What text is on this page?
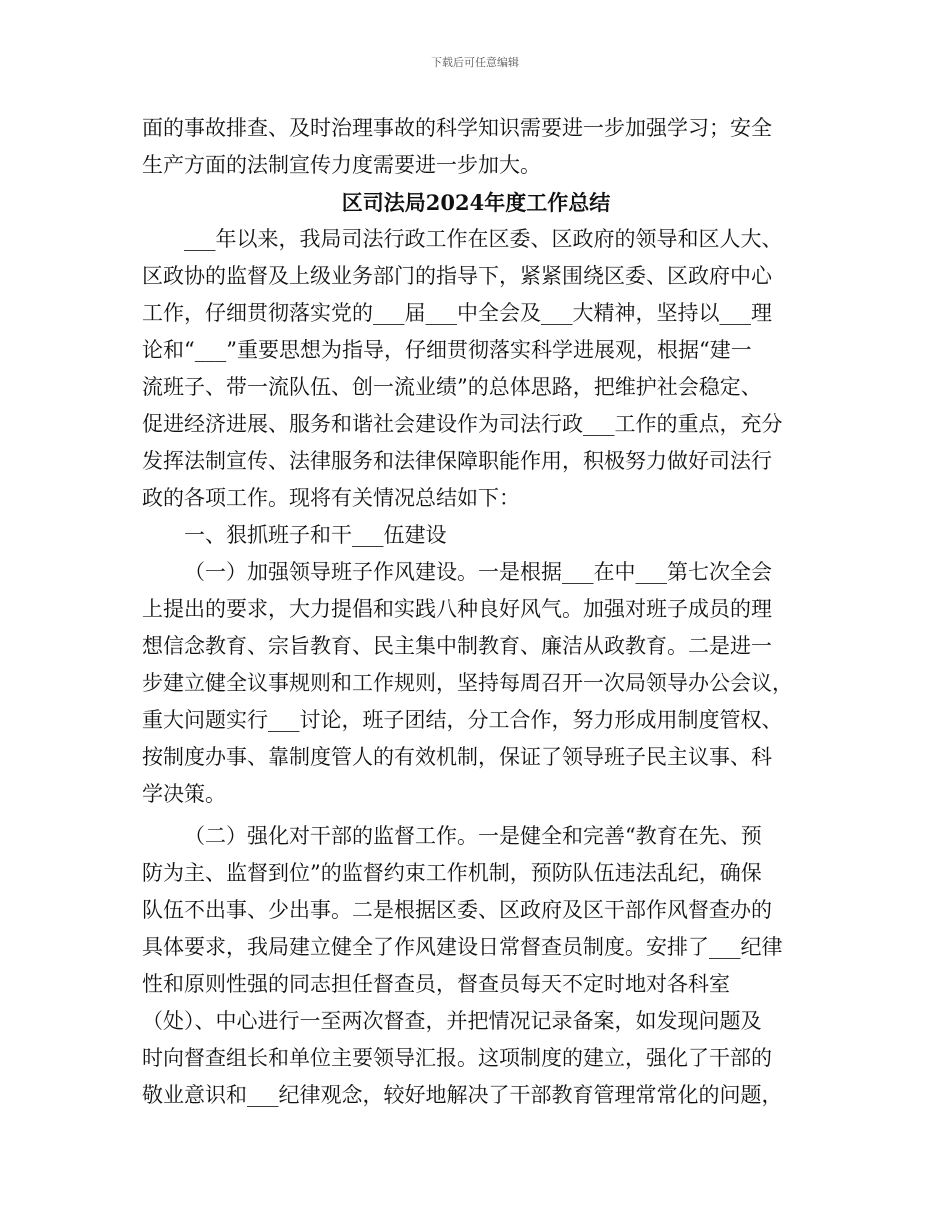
下载后可任意编辑
面的事故排查、及时治理事故的科学知识需要进一步加强学习；安全
生产方面的法制宣传力度需要进一步加大。
区司法局2024年度工作总结
___年以来，我局司法行政工作在区委、区政府的领导和区人大、
区政协的监督及上级业务部门的指导下，紧紧围绕区委、区政府中心
工作，仔细贯彻落实党的___届___中全会及___大精神，坚持以___理
论和“___”重要思想为指导，仔细贯彻落实科学进展观，根据“建一
流班子、带一流队伍、创一流业绩”的总体思路，把维护社会稳定、
促进经济进展、服务和谐社会建设作为司法行政___工作的重点，充分
发挥法制宣传、法律服务和法律保障职能作用，积极努力做好司法行
政的各项工作。现将有关情况总结如下：
一、狠抓班子和干___伍建设
（一）加强领导班子作风建设。一是根据___在中___第七次全会
上提出的要求，大力提倡和实践八种良好风气。加强对班子成员的理
想信念教育、宗旨教育、民主集中制教育、廉洁从政教育。二是进一
步建立健全议事规则和工作规则，坚持每周召开一次局领导办公会议，
重大问题实行___讨论，班子团结，分工合作，努力形成用制度管权、
按制度办事、靠制度管人的有效机制，保证了领导班子民主议事、科
学决策。
（二）强化对干部的监督工作。一是健全和完善“教育在先、预
防为主、监督到位”的监督约束工作机制，预防队伍违法乱纪，确保
队伍不出事、少出事。二是根据区委、区政府及区干部作风督查办的
具体要求，我局建立健全了作风建设日常督查员制度。安排了___纪律
性和原则性强的同志担任督查员，督查员每天不定时地对各科室
（处）、中心进行一至两次督查，并把情况记录备案，如发现问题及
时向督查组长和单位主要领导汇报。这项制度的建立，强化了干部的
敬业意识和___纪律观念，较好地解决了干部教育管理常常化的问题，
